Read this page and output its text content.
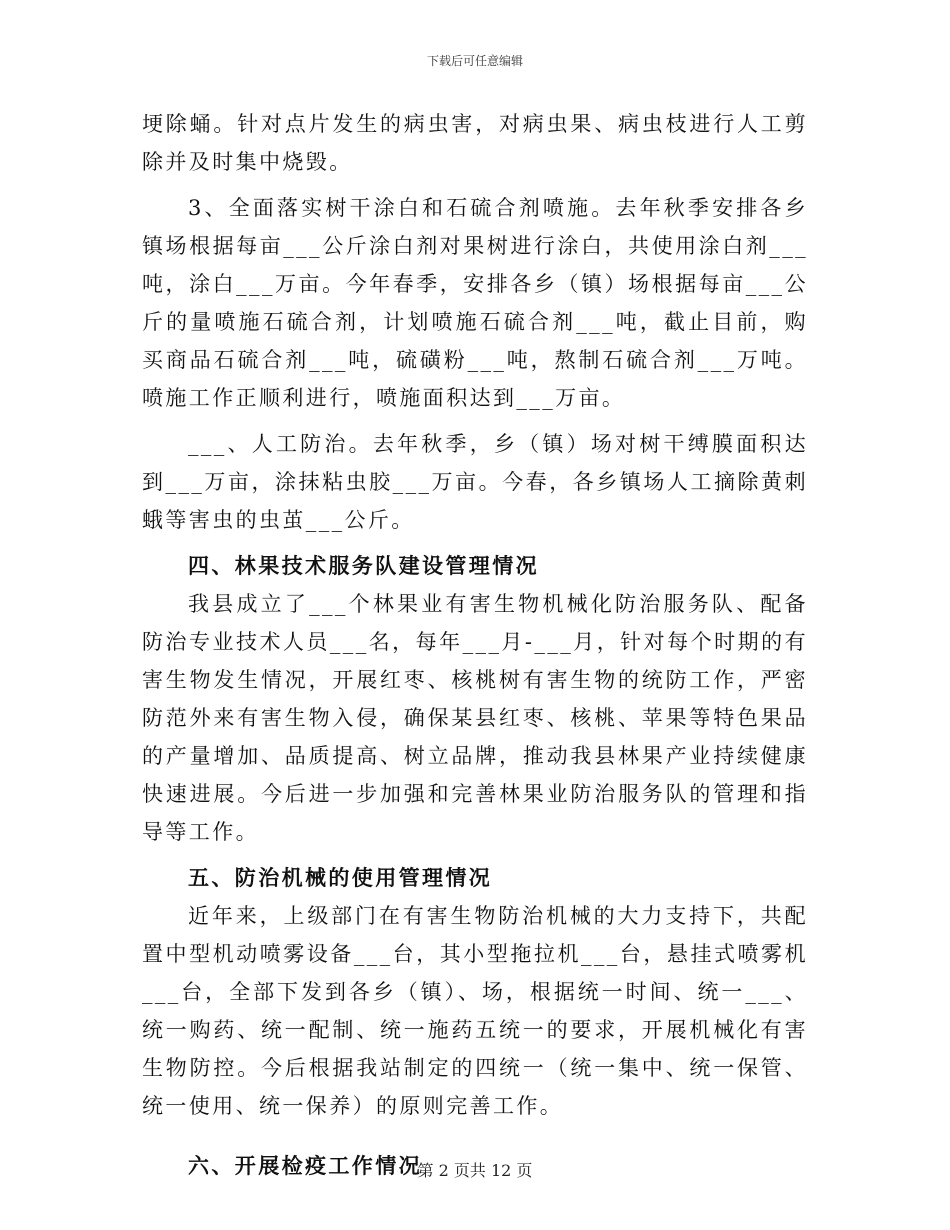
下载后可任意编辑

埂除蛹。针对点片发生的病虫害，对病虫果、病虫枝进行人工剪除并及时集中烧毁。

3、全面落实树干涂白和石硫合剂喷施。去年秋季安排各乡镇场根据每亩___公斤涂白剂对果树进行涂白，共使用涂白剂___吨，涂白___万亩。今年春季，安排各乡（镇）场根据每亩___公斤的量喷施石硫合剂，计划喷施石硫合剂___吨，截止目前，购买商品石硫合剂___吨，硫磺粉___吨，熬制石硫合剂___万吨。喷施工作正顺利进行，喷施面积达到___万亩。

___、人工防治。去年秋季，乡（镇）场对树干缚膜面积达到___万亩，涂抹粘虫胶___万亩。今春，各乡镇场人工摘除黄刺蛾等害虫的虫茧___公斤。

四、林果技术服务队建设管理情况

我县成立了___个林果业有害生物机械化防治服务队、配备防治专业技术人员___名，每年___月-___月，针对每个时期的有害生物发生情况，开展红枣、核桃树有害生物的统防工作，严密防范外来有害生物入侵，确保某县红枣、核桃、苹果等特色果品的产量增加、品质提高、树立品牌，推动我县林果产业持续健康快速进展。今后进一步加强和完善林果业防治服务队的管理和指导等工作。

五、防治机械的使用管理情况

近年来，上级部门在有害生物防治机械的大力支持下，共配置中型机动喷雾设备___台，其小型拖拉机___台，悬挂式喷雾机___台，全部下发到各乡（镇）、场，根据统一时间、统一___、统一购药、统一配制、统一施药五统一的要求，开展机械化有害生物防控。今后根据我站制定的四统一（统一集中、统一保管、统一使用、统一保养）的原则完善工作。

六、开展检疫工作情况

第 2 页共 12 页
